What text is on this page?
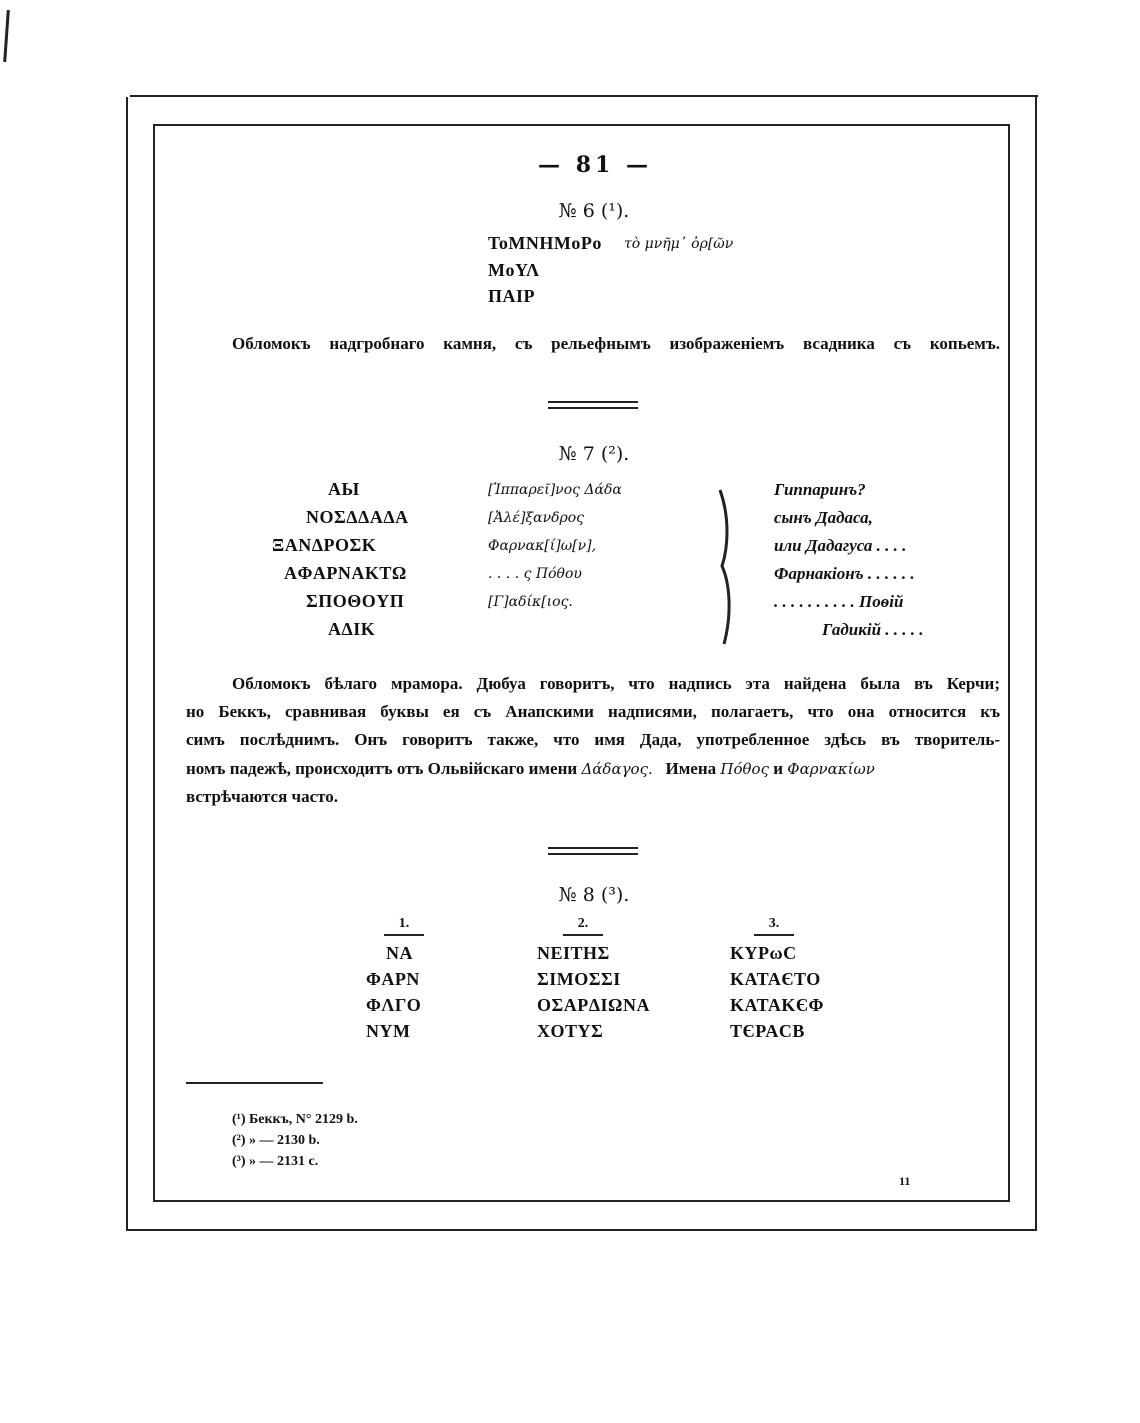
— 81 —
№ 6 (¹).
ToMNHMoPo
MoΥΛ
ΠAIP
τὸ μνῆμ᾽ ὀρ[ῶν
Обломокъ надгробнаго камня, съ рельефнымъ изображеніемъ всадника съ копьемъ.
№ 7 (²).
AЫ
NOΣΔΔAΔA
ΞANΔPOΣK
AΦAPNAKTΩ
ΣΠOΘOΥΠ
AΔIK
[Ἱππαρεῖ]νος Δάδα
[Ἀλέ]ξανδρος
Φαρνακ[ί]ω[ν],
. . . . ς Πόθου
[Γ]αδίκ[ιος.
Гиппаринъ?
сынъ Дадаса,
или Дадагуса . . . .
Фарнакіонъ . . . . . .
. . . . . . . . . . Поѳій
Гадикій . . . . .
Обломокъ бѣлаго мрамора. Дюбуа говоритъ, что надпись эта найдена была въ Керчи;
но Беккъ, сравнивая буквы ея съ Анапскими надписями, полагаетъ, что она относится къ
симъ послѣднимъ. Онъ говоритъ также, что имя Дада, употребленное здѣсь въ творитель-
номъ падежѣ, происходитъ отъ Ольвійскаго имени Δάδαγος. Имена Πόθος и Φαρνακίων
встрѣчаются часто.
№ 8 (³).
1.	2.	3.
NA
ΦAPN
ΦΛΓO
NΥM
NEIΤHΣ
ΣIMOΣΣI
OΣAPΔIΩNA
XOΤΥΣ
KΥPωC
KATAЄTO
KATAKЄΦ
ТЄPACB
(¹) Беккъ, N° 2129 b.
(²) » — 2130 b.
(³) » — 2131 c.
11
